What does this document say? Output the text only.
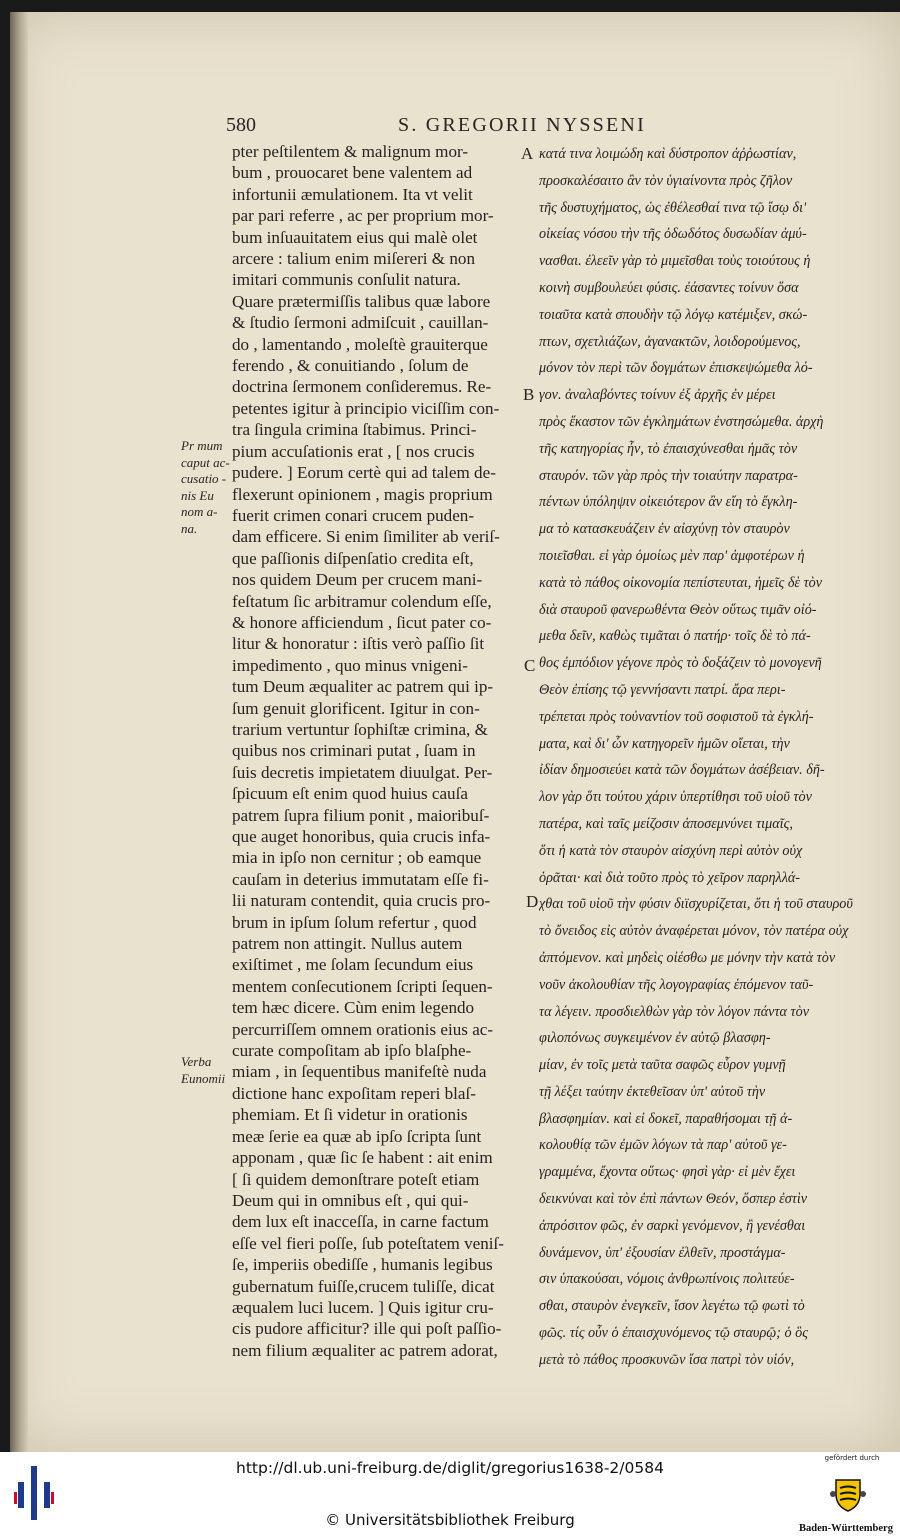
580	S. GREGORII NYSSENI
pter peſtilentem & malignum mor-
bum , prouocaret bene valentem ad
infortunii æmulationem. Ita vt velit
par pari referre , ac per proprium mor-
bum inſuauitatem eius qui malè olet
arcere : talium enim miſereri & non
imitari communis conſulit natura.
Quare prætermiſſis talibus quæ labore
& ſtudio ſermoni admiſcuit , cauillan-
do , lamentando , moleſtè grauiterque
ferendo , & conuitiando , ſolum de
doctrina ſermonem conſideremus. Re-
petentes igitur à principio viciſſim con-
tra ſingula crimina ſtabimus. Princi-
pium accuſationis erat , [ nos crucis
pudere. ] Eorum certè qui ad talem de-
flexerunt opinionem , magis proprium
fuerit crimen conari crucem puden-
dam efficere. Si enim ſimiliter ab veriſ-
que paſſionis diſpenſatio credita eſt,
nos quidem Deum per crucem mani-
feſtatum ſic arbitramur colendum eſſe,
& honore afficiendum , ſicut pater co-
litur & honoratur : iſtis verò paſſio ſit
impedimento , quo minus vnigeni-
tum Deum æqualiter ac patrem qui ip-
ſum genuit glorificent. Igitur in con-
trarium vertuntur ſophiſtæ crimina, &
quibus nos criminari putat , ſuam in
ſuis decretis impietatem diuulgat. Per-
ſpicuum eſt enim quod huius cauſa
patrem ſupra filium ponit , maioribuſ-
que auget honoribus, quia crucis infa-
mia in ipſo non cernitur ; ob eamque
cauſam in deterius immutatam eſſe fi-
lii naturam contendit, quia crucis pro-
brum in ipſum ſolum refertur , quod
patrem non attingit. Nullus autem
exiſtimet , me ſolam ſecundum eius
mentem conſecutionem ſcripti ſequen-
tem hæc dicere. Cùm enim legendo
percurriſſem omnem orationis eius ac-
curate compoſitam ab ipſo blaſphe-
miam , in ſequentibus manifeſtè nuda
dictione hanc expoſitam reperi blaſ-
phemiam. Et ſi videtur in orationis
meæ ſerie ea quæ ab ipſo ſcripta ſunt
apponam , quæ ſic ſe habent : ait enim
[ ſi quidem demonſtrare poteſt etiam
Deum qui in omnibus eſt , qui qui-
dem lux eſt inacceſſa, in carne factum
eſſe vel fieri poſſe, ſub poteſtatem veniſ-
ſe, imperiis obediſſe , humanis legibus
gubernatum fuiſſe,crucem tuliſſe, dicat
æqualem luci lucem. ] Quis igitur cru-
cis pudore afficitur? ille qui poſt paſſio-
nem filium æqualiter ac patrem adorat,
κατά τινα λοιμώδη καὶ δύστροπον ἀῤῥωστίαν,
προσκαλέσαιτο ἂν τὸν ὑγιαίνοντα πρὸς ζῆλον
τῆς δυστυχήματος, ὡς ἐθέλεσθαί τινα τῷ ἴσῳ δι'
οἰκείας νόσου τὴν τῆς ὀδωδότος δυσωδίαν ἀμύ-
νασθαι. ἐλεεῖν γὰρ τὸ μιμεῖσθαι τοὺς τοιούτους ἡ
κοινὴ συμβουλεύει φύσις. ἐάσαντες τοίνυν ὅσα
τοιαῦτα κατὰ σπουδὴν τῷ λόγῳ κατέμιξεν, σκώ-
πτων, σχετλιάζων, ἀγανακτῶν, λοιδορούμενος,
μόνον τὸν περὶ τῶν δογμάτων ἐπισκεψώμεθα λό-
γον. ἀναλαβόντες τοίνυν ἐξ ἀρχῆς ἐν μέρει
πρὸς ἕκαστον τῶν ἐγκλημάτων ἐνστησώμεθα. ἀρχὴ
τῆς κατηγορίας ἦν, τὸ ἐπαισχύνεσθαι ἡμᾶς τὸν
σταυρόν. τῶν γὰρ πρὸς τὴν τοιαύτην παρατρα-
πέντων ὑπόληψιν οἰκειότερον ἂν εἴη τὸ ἔγκλη-
μα τὸ κατασκευάζειν ἐν αἰσχύνῃ τὸν σταυρὸν
ποιεῖσθαι. εἰ γὰρ ὁμοίως μὲν παρ' ἀμφοτέρων ἡ
κατὰ τὸ πάθος οἰκονομία πεπίστευται, ἡμεῖς δὲ τὸν
διὰ σταυροῦ φανερωθέντα Θεὸν οὕτως τιμᾶν οἰό-
μεθα δεῖν, καθὼς τιμᾶται ὁ πατήρ· τοῖς δὲ τὸ πά-
θος ἐμπόδιον γέγονε πρὸς τὸ δοξάζειν τὸ μονογενῆ
Θεὸν ἐπίσης τῷ γεννήσαντι πατρί. ἄρα περι-
τρέπεται πρὸς τοὐναντίον τοῦ σοφιστοῦ τὰ ἐγκλή-
ματα, καὶ δι' ὧν κατηγορεῖν ἡμῶν οἴεται, τὴν
ἰδίαν δημοσιεύει κατὰ τῶν δογμάτων ἀσέβειαν. δῆ-
λον γὰρ ὅτι τούτου χάριν ὑπερτίθησι τοῦ υἱοῦ τὸν
πατέρα, καὶ ταῖς μείζοσιν ἀποσεμνύνει τιμαῖς,
ὅτι ἡ κατὰ τὸν σταυρὸν αἰσχύνη περὶ αὐτὸν οὐχ
ὁρᾶται· καὶ διὰ τοῦτο πρὸς τὸ χεῖρον παρηλλά-
χθαι τοῦ υἱοῦ τὴν φύσιν διϊσχυρίζεται, ὅτι ἡ τοῦ σταυροῦ
τὸ ὄνειδος εἰς αὐτὸν ἀναφέρεται μόνον, τὸν πατέρα οὐχ
ἀπτόμενον. καὶ μηδεὶς οἰέσθω με μόνην τὴν κατὰ τὸν
νοῦν ἀκολουθίαν τῆς λογογραφίας ἑπόμενον ταῦ-
τα λέγειν. προσδιελθὼν γὰρ τὸν λόγον πάντα τὸν
φιλοπόνως συγκειμένον ἐν αὐτῷ βλασφη-
μίαν, ἐν τοῖς μετὰ ταῦτα σαφῶς εὗρον γυμνῇ
τῇ λέξει ταύτην ἐκτεθεῖσαν ὑπ' αὐτοῦ τὴν
βλασφημίαν. καὶ εἰ δοκεῖ, παραθήσομαι τῇ ἀ-
κολουθίᾳ τῶν ἐμῶν λόγων τὰ παρ' αὐτοῦ γε-
γραμμένα, ἔχοντα οὕτως· φησὶ γὰρ· εἰ μὲν ἔχει
δεικνύναι καὶ τὸν ἐπὶ πάντων Θεόν, ὅσπερ ἐστὶν
ἀπρόσιτον φῶς, ἐν σαρκὶ γενόμενον, ἢ γενέσθαι
δυνάμενον, ὑπ' ἐξουσίαν ἐλθεῖν, προστάγμα-
σιν ὑπακούσαι, νόμοις ἀνθρωπίνοις πολιτεύε-
σθαι, σταυρὸν ἐνεγκεῖν, ἴσον λεγέτω τῷ φωτὶ τὸ
φῶς. τίς οὖν ὁ ἐπαισχυνόμενος τῷ σταυρῷ; ὁ ὃς
μετὰ τὸ πάθος προσκυνῶν ἴσα πατρὶ τὸν υἱόν,
A
B
C
D
Pr mum
caput ac-
cusatio -
nis Eu
nom a-
na.
Verba
Eunomii
http://dl.ub.uni-freiburg.de/diglit/gregorius1638-2/0584
© Universitätsbibliothek Freiburg
gefördert durch
Baden-Württemberg
